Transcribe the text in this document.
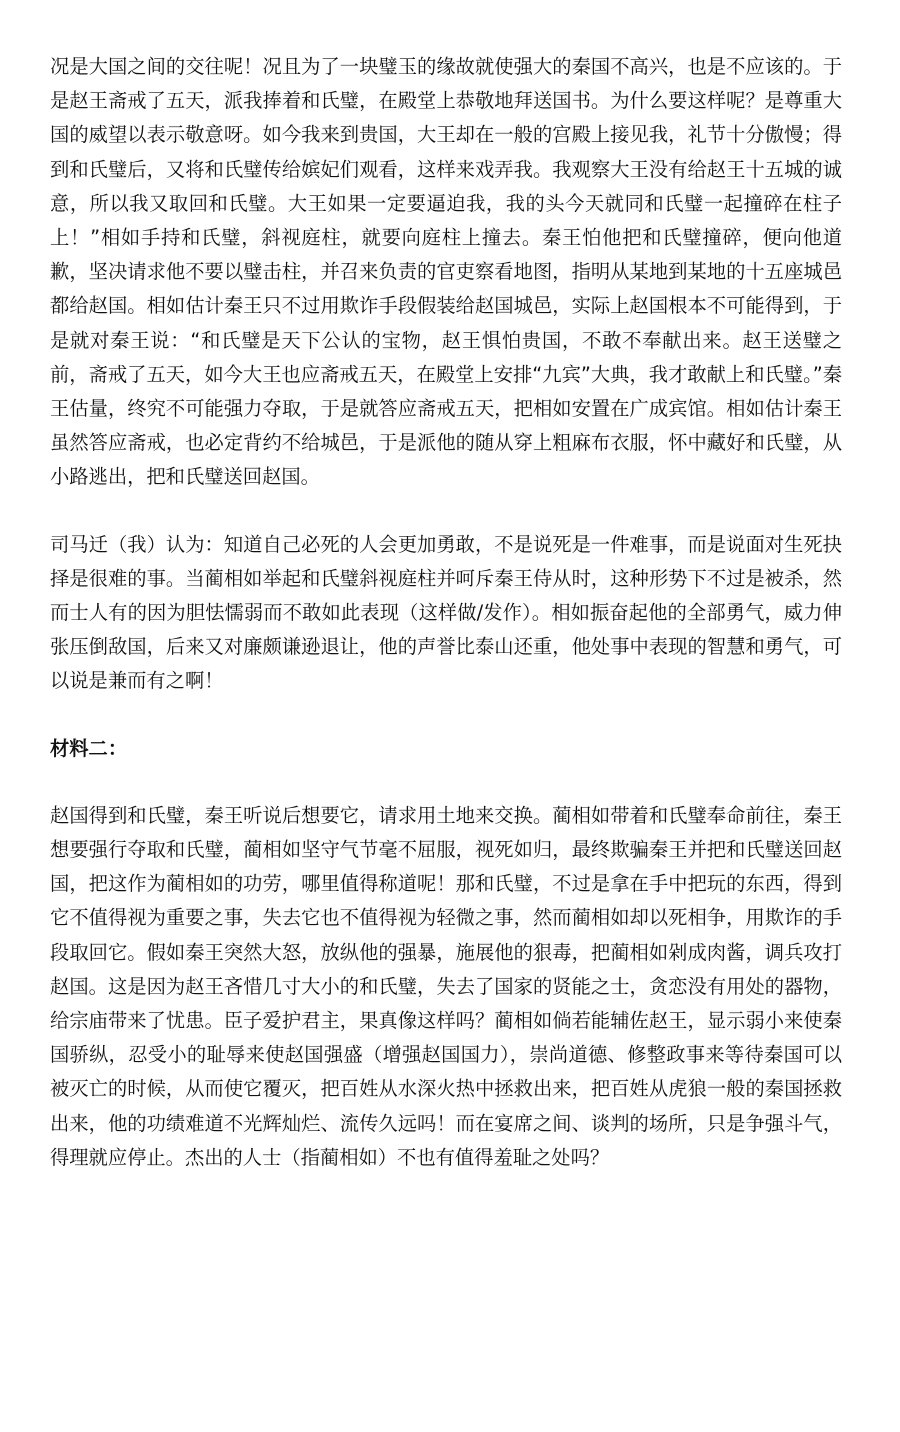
况是大国之间的交往呢！况且为了一块璧玉的缘故就使强大的秦国不高兴，也是不应该的。于是赵王斋戒了五天，派我捧着和氏璧，在殿堂上恭敬地拜送国书。为什么要这样呢？是尊重大国的威望以表示敬意呀。如今我来到贵国，大王却在一般的宫殿上接见我，礼节十分傲慢；得到和氏璧后，又将和氏璧传给嫔妃们观看，这样来戏弄我。我观察大王没有给赵王十五城的诚意，所以我又取回和氏璧。大王如果一定要逼迫我，我的头今天就同和氏璧一起撞碎在柱子上！”相如手持和氏璧，斜视庭柱，就要向庭柱上撞去。秦王怕他把和氏璧撞碎，便向他道歉，坚决请求他不要以璧击柱，并召来负责的官吏察看地图，指明从某地到某地的十五座城邑都给赵国。相如估计秦王只不过用欺诈手段假装给赵国城邑，实际上赵国根本不可能得到，于是就对秦王说：“和氏璧是天下公认的宝物，赵王惧怕贵国，不敢不奉献出来。赵王送璧之前，斋戒了五天，如今大王也应斋戒五天，在殿堂上安排“九宾”大典，我才敢献上和氏璧。”秦王估量，终究不可能强力夺取，于是就答应斋戒五天，把相如安置在广成宾馆。相如估计秦王虽然答应斋戒，也必定背约不给城邑，于是派他的随从穿上粗麻布衣服，怀中藏好和氏璧，从小路逃出，把和氏璧送回赵国。

司马迁（我）认为：知道自己必死的人会更加勇敢，不是说死是一件难事，而是说面对生死抉择是很难的事。当蔺相如举起和氏璧斜视庭柱并呵斥秦王侍从时，这种形势下不过是被杀，然而士人有的因为胆怯懦弱而不敢如此表现（这样做/发作）。相如振奋起他的全部勇气，威力伸张压倒敌国，后来又对廉颇谦逊退让，他的声誉比泰山还重，他处事中表现的智慧和勇气，可以说是兼而有之啊！

材料二：

赵国得到和氏璧，秦王听说后想要它，请求用土地来交换。蔺相如带着和氏璧奉命前往，秦王想要强行夺取和氏璧，蔺相如坚守气节毫不屈服，视死如归，最终欺骗秦王并把和氏璧送回赵国，把这作为蔺相如的功劳，哪里值得称道呢！那和氏璧，不过是拿在手中把玩的东西，得到它不值得视为重要之事，失去它也不值得视为轻微之事，然而蔺相如却以死相争，用欺诈的手段取回它。假如秦王突然大怒，放纵他的强暴，施展他的狠毒，把蔺相如剁成肉酱，调兵攻打赵国。这是因为赵王吝惜几寸大小的和氏璧，失去了国家的贤能之士，贪恋没有用处的器物，给宗庙带来了忧患。臣子爱护君主，果真像这样吗？蔺相如倘若能辅佐赵王，显示弱小来使秦国骄纵，忍受小的耻辱来使赵国强盛（增强赵国国力），崇尚道德、修整政事来等待秦国可以被灭亡的时候，从而使它覆灭，把百姓从水深火热中拯救出来，把百姓从虎狼一般的秦国拯救出来，他的功绩难道不光辉灿烂、流传久远吗！而在宴席之间、谈判的场所，只是争强斗气，得理就应停止。杰出的人士（指蔺相如）不也有值得羞耻之处吗？
